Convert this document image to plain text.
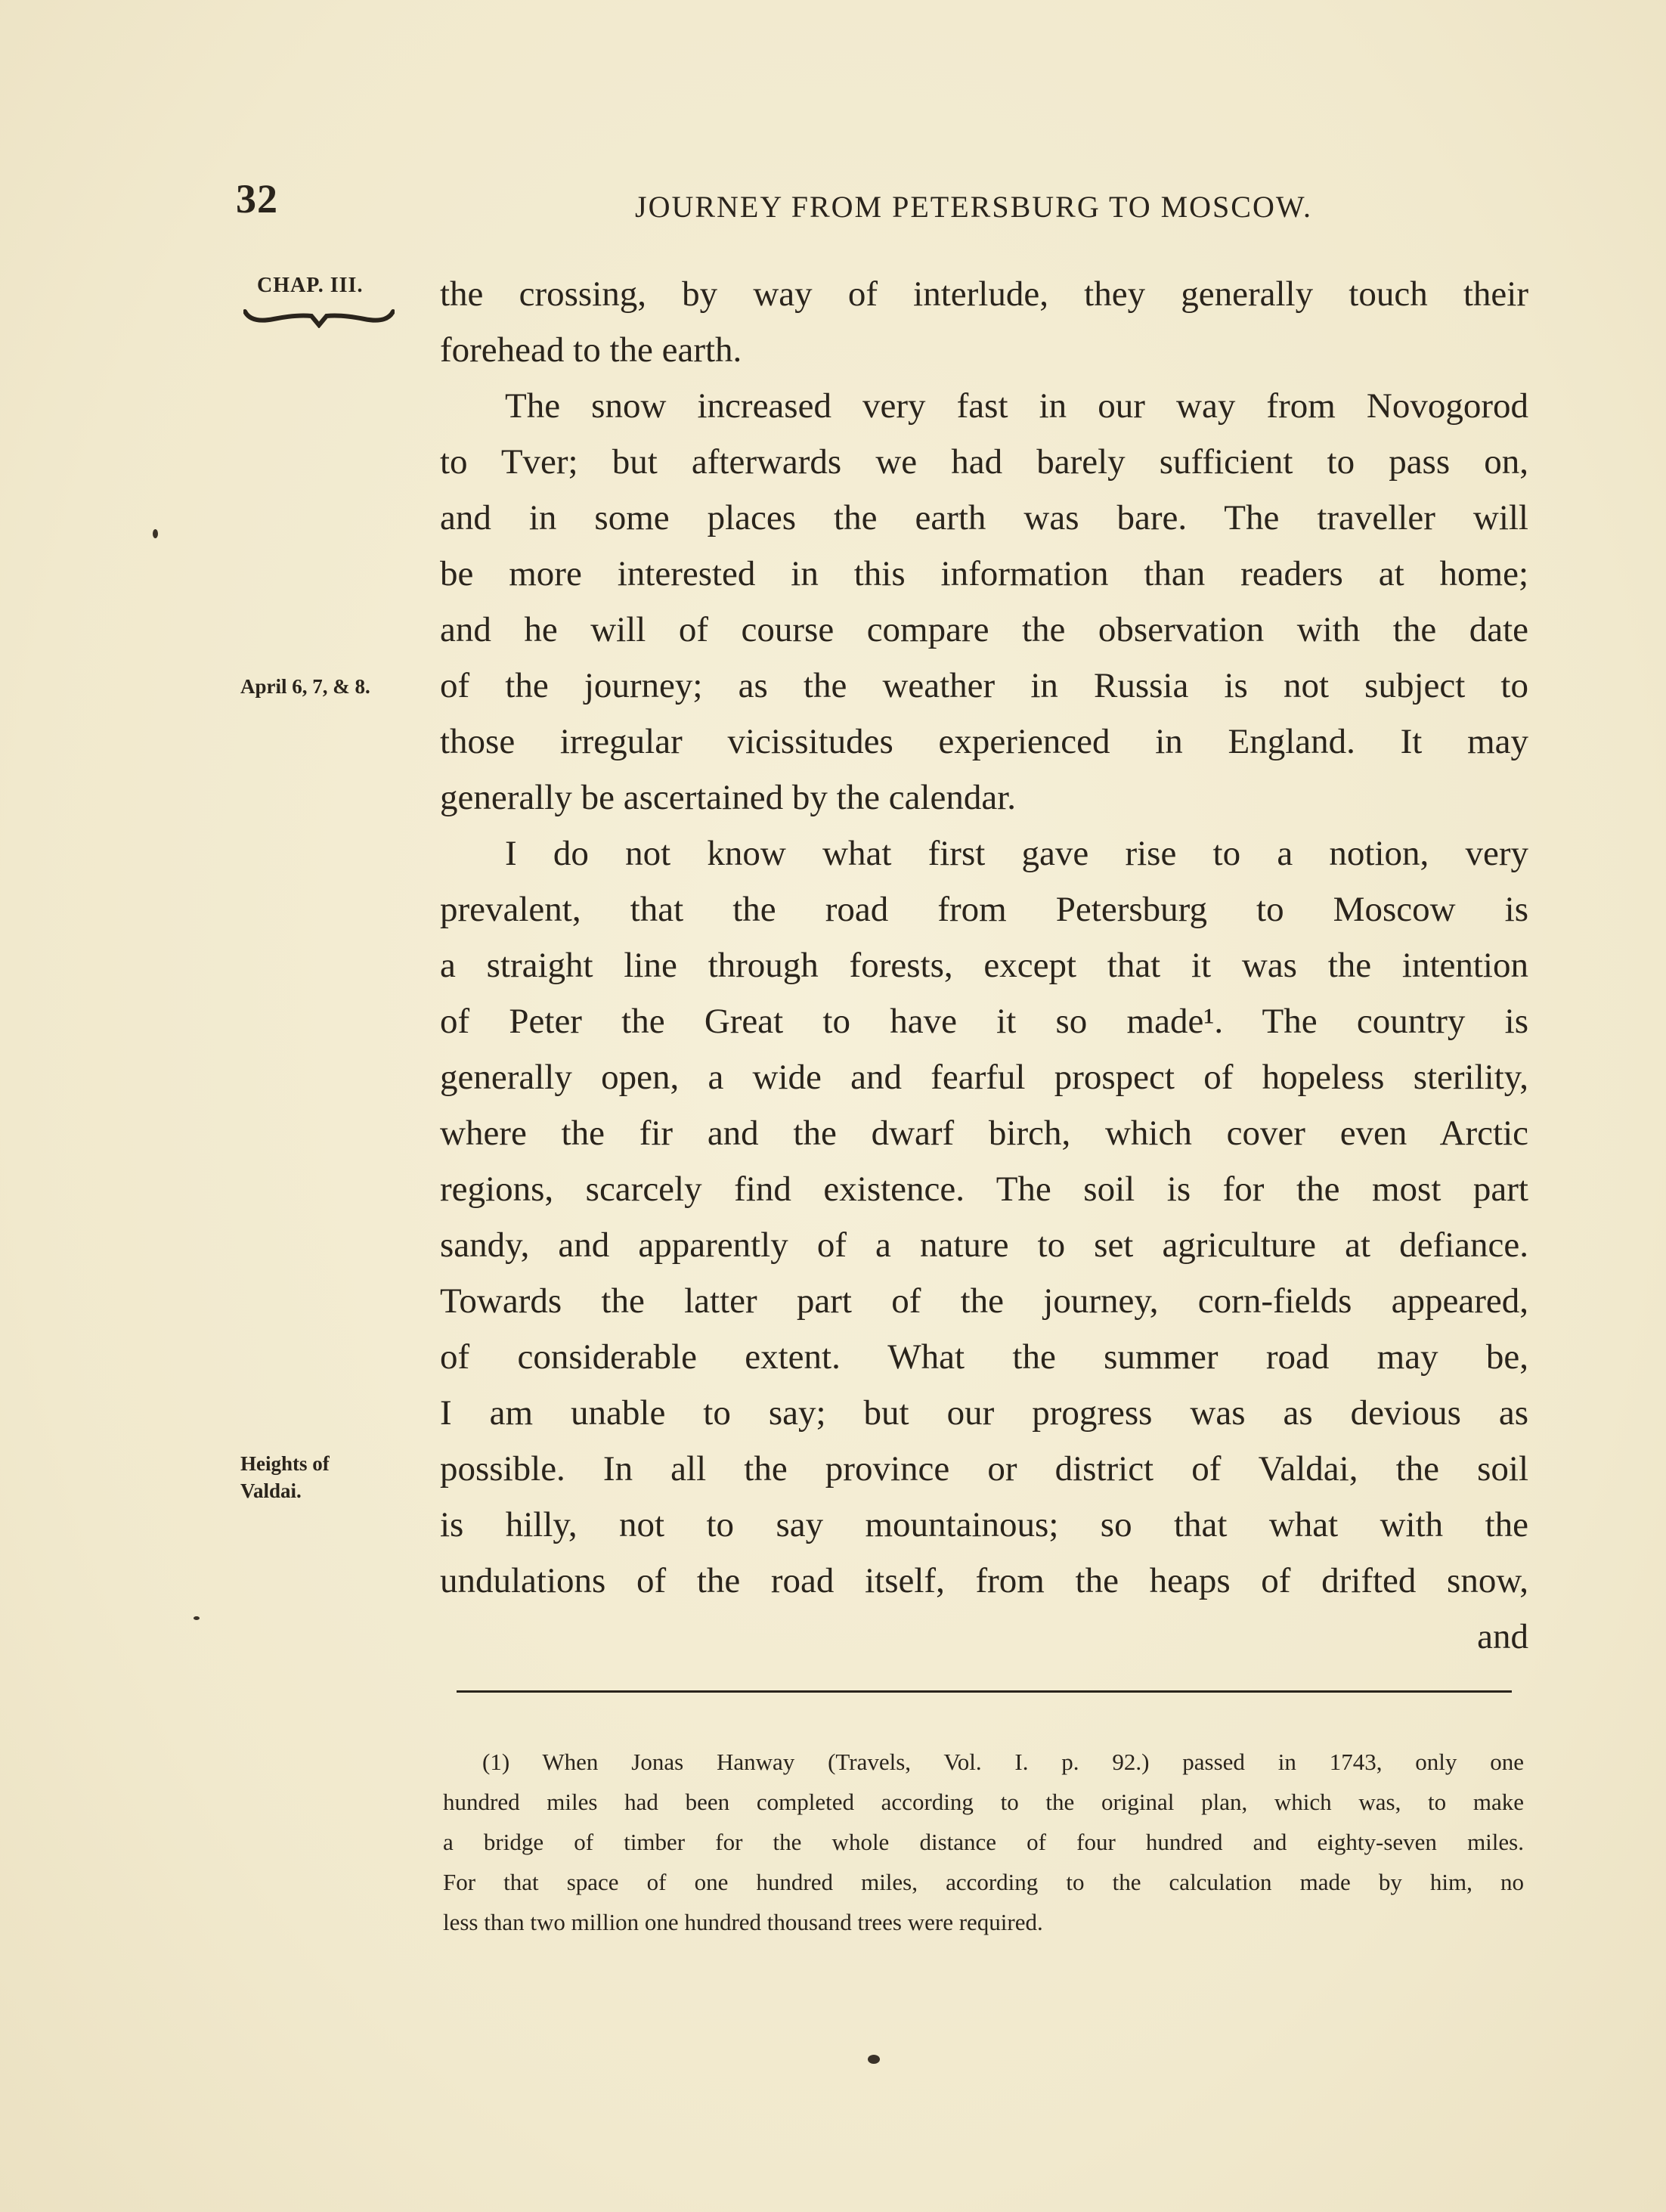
32	JOURNEY FROM PETERSBURG TO MOSCOW.
CHAP. III.
April 6, 7, & 8.
Heights of
Valdai.
the crossing, by way of interlude, they generally touch their
forehead to the earth.
The snow increased very fast in our way from Novogorod
to Tver; but afterwards we had barely sufficient to pass on,
and in some places the earth was bare. The traveller will
be more interested in this information than readers at home;
and he will of course compare the observation with the date
of the journey; as the weather in Russia is not subject to
those irregular vicissitudes experienced in England. It may
generally be ascertained by the calendar.
I do not know what first gave rise to a notion, very
prevalent, that the road from Petersburg to Moscow is
a straight line through forests, except that it was the intention
of Peter the Great to have it so made¹. The country is
generally open, a wide and fearful prospect of hopeless sterility,
where the fir and the dwarf birch, which cover even Arctic
regions, scarcely find existence. The soil is for the most part
sandy, and apparently of a nature to set agriculture at defiance.
Towards the latter part of the journey, corn-fields appeared,
of considerable extent. What the summer road may be,
I am unable to say; but our progress was as devious as
possible. In all the province or district of Valdai, the soil
is hilly, not to say mountainous; so that what with the
undulations of the road itself, from the heaps of drifted snow,
and
(1) When Jonas Hanway (Travels, Vol. I. p. 92.) passed in 1743, only one
hundred miles had been completed according to the original plan, which was, to make
a bridge of timber for the whole distance of four hundred and eighty-seven miles.
For that space of one hundred miles, according to the calculation made by him, no
less than two million one hundred thousand trees were required.
